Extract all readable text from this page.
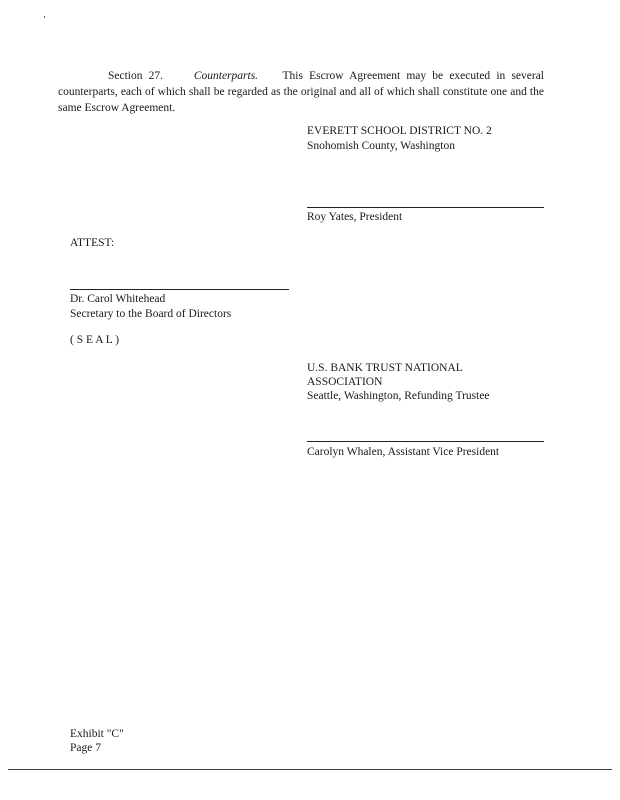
Section 27.	Counterparts. This Escrow Agreement may be executed in several counterparts, each of which shall be regarded as the original and all of which shall constitute one and the same Escrow Agreement.
EVERETT SCHOOL DISTRICT NO. 2
Snohomish County, Washington
Roy Yates, President
ATTEST:
Dr. Carol Whitehead
Secretary to the Board of Directors
( S E A L )
U.S. BANK TRUST NATIONAL
ASSOCIATION
Seattle, Washington, Refunding Trustee
Carolyn Whalen, Assistant Vice President
Exhibit "C"
Page 7
